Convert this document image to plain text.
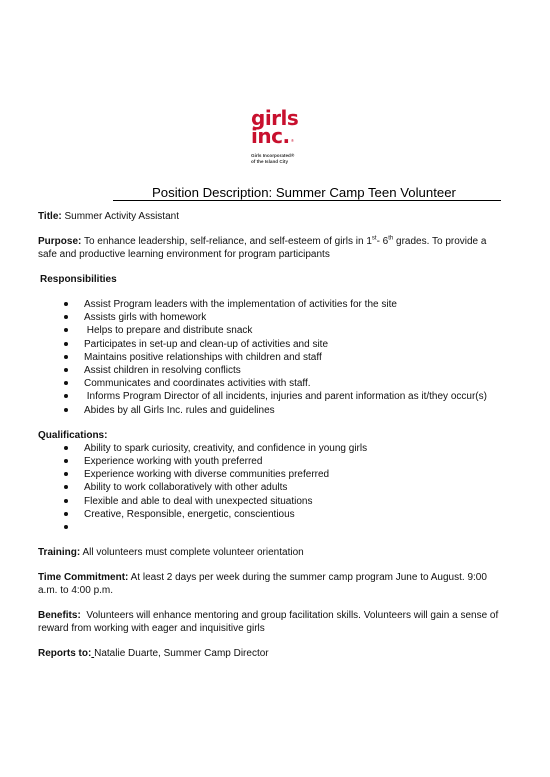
girls
inc. ®
Girls Incorporated®
of the Island City
Position Description: Summer Camp Teen Volunteer

Title: Summer Activity Assistant

Purpose: To enhance leadership, self-reliance, and self-esteem of girls in 1st- 6th grades. To provide a safe and productive learning environment for program participants

Responsibilities

Assist Program leaders with the implementation of activities for the site
Assists girls with homework
Helps to prepare and distribute snack
Participates in set-up and clean-up of activities and site
Maintains positive relationships with children and staff
Assist children in resolving conflicts
Communicates and coordinates activities with staff.
Informs Program Director of all incidents, injuries and parent information as it/they occur(s)
Abides by all Girls Inc. rules and guidelines

Qualifications:

Ability to spark curiosity, creativity, and confidence in young girls
Experience working with youth preferred
Experience working with diverse communities preferred
Ability to work collaboratively with other adults
Flexible and able to deal with unexpected situations
Creative, Responsible, energetic, conscientious

Training: All volunteers must complete volunteer orientation

Time Commitment: At least 2 days per week during the summer camp program June to August. 9:00 a.m. to 4:00 p.m.

Benefits:  Volunteers will enhance mentoring and group facilitation skills. Volunteers will gain a sense of reward from working with eager and inquisitive girls

Reports to: Natalie Duarte, Summer Camp Director
